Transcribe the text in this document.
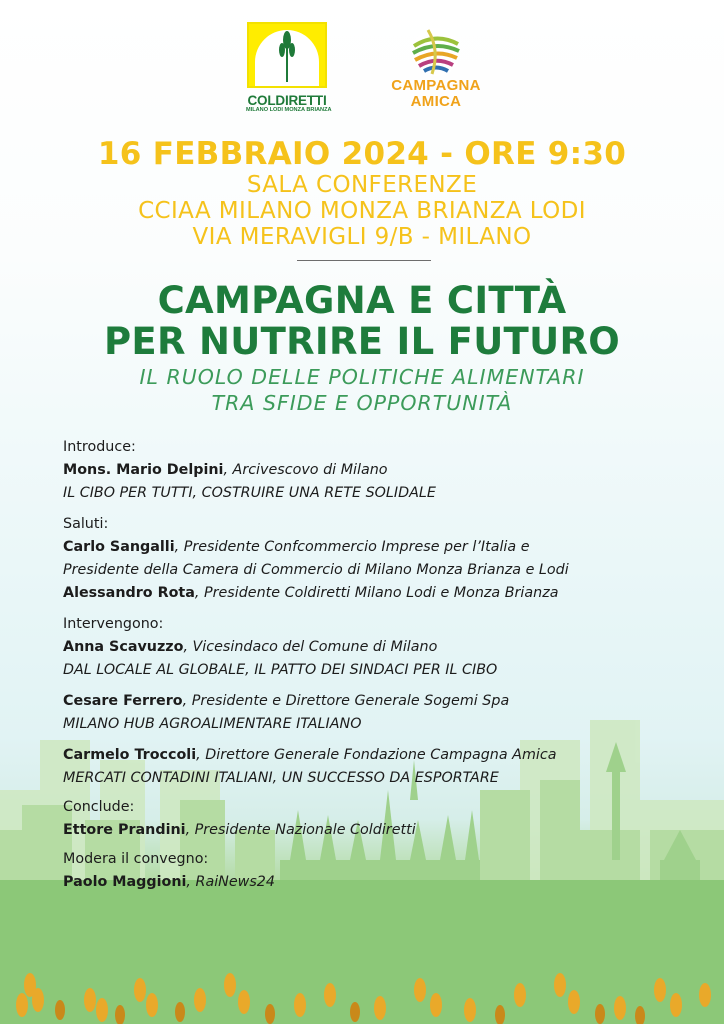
COLDIRETTI
MILANO LODI MONZA BRIANZA
CAMPAGNA
AMICA
16 FEBBRAIO 2024 - ORE 9:30
SALA CONFERENZE
CCIAA MILANO MONZA BRIANZA LODI
VIA MERAVIGLI 9/B - MILANO
CAMPAGNA E CITTÀ
PER NUTRIRE IL FUTURO
IL RUOLO DELLE POLITICHE ALIMENTARI
TRA SFIDE E OPPORTUNITÀ

Introduce:

Mons. Mario Delpini, Arcivescovo di Milano

IL CIBO PER TUTTI, COSTRUIRE UNA RETE SOLIDALE

Saluti:

Carlo Sangalli, Presidente Confcommercio Imprese per l’Italia e

Presidente della Camera di Commercio di Milano Monza Brianza e Lodi

Alessandro Rota, Presidente Coldiretti Milano Lodi e Monza Brianza

Intervengono:

Anna Scavuzzo, Vicesindaco del Comune di Milano

DAL LOCALE AL GLOBALE, IL PATTO DEI SINDACI PER IL CIBO

Cesare Ferrero, Presidente e Direttore Generale Sogemi Spa

MILANO HUB AGROALIMENTARE ITALIANO

Carmelo Troccoli, Direttore Generale Fondazione Campagna Amica

MERCATI CONTADINI ITALIANI, UN SUCCESSO DA ESPORTARE

Conclude:

Ettore Prandini, Presidente Nazionale Coldiretti

Modera il convegno:

Paolo Maggioni, RaiNews24
